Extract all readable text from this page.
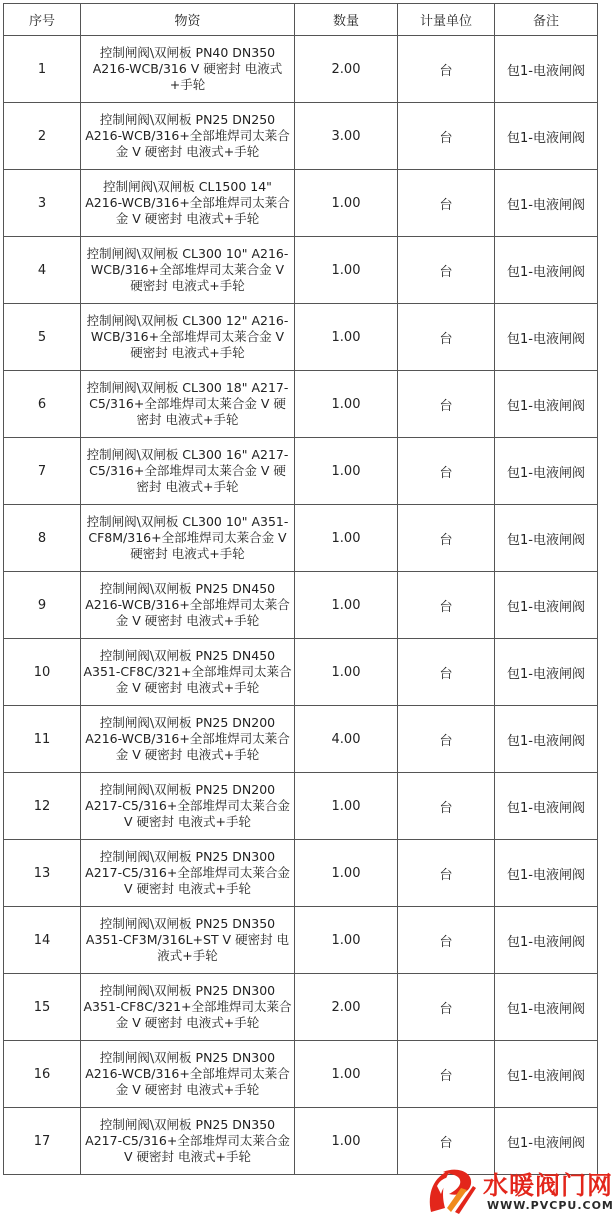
序号	物资	数量	计量单位	备注
1	控制闸阀\双闸板 PN40 DN350 A216-WCB/316 V 硬密封 电液式+手轮	2.00	台	包1-电液闸阀
2	控制闸阀\双闸板 PN25 DN250 A216-WCB/316+全部堆焊司太莱合金 V 硬密封 电液式+手轮	3.00	台	包1-电液闸阀
3	控制闸阀\双闸板 CL1500 14" A216-WCB/316+全部堆焊司太莱合金 V 硬密封 电液式+手轮	1.00	台	包1-电液闸阀
4	控制闸阀\双闸板 CL300 10" A216-WCB/316+全部堆焊司太莱合金 V 硬密封 电液式+手轮	1.00	台	包1-电液闸阀
5	控制闸阀\双闸板 CL300 12" A216-WCB/316+全部堆焊司太莱合金 V 硬密封 电液式+手轮	1.00	台	包1-电液闸阀
6	控制闸阀\双闸板 CL300 18" A217-C5/316+全部堆焊司太莱合金 V 硬密封 电液式+手轮	1.00	台	包1-电液闸阀
7	控制闸阀\双闸板 CL300 16" A217-C5/316+全部堆焊司太莱合金 V 硬密封 电液式+手轮	1.00	台	包1-电液闸阀
8	控制闸阀\双闸板 CL300 10" A351-CF8M/316+全部堆焊司太莱合金 V 硬密封 电液式+手轮	1.00	台	包1-电液闸阀
9	控制闸阀\双闸板 PN25 DN450 A216-WCB/316+全部堆焊司太莱合金 V 硬密封 电液式+手轮	1.00	台	包1-电液闸阀
10	控制闸阀\双闸板 PN25 DN450 A351-CF8C/321+全部堆焊司太莱合金 V 硬密封 电液式+手轮	1.00	台	包1-电液闸阀
11	控制闸阀\双闸板 PN25 DN200 A216-WCB/316+全部堆焊司太莱合金 V 硬密封 电液式+手轮	4.00	台	包1-电液闸阀
12	控制闸阀\双闸板 PN25 DN200 A217-C5/316+全部堆焊司太莱合金 V 硬密封 电液式+手轮	1.00	台	包1-电液闸阀
13	控制闸阀\双闸板 PN25 DN300 A217-C5/316+全部堆焊司太莱合金 V 硬密封 电液式+手轮	1.00	台	包1-电液闸阀
14	控制闸阀\双闸板 PN25 DN350 A351-CF3M/316L+ST V 硬密封 电液式+手轮	1.00	台	包1-电液闸阀
15	控制闸阀\双闸板 PN25 DN300 A351-CF8C/321+全部堆焊司太莱合金 V 硬密封 电液式+手轮	2.00	台	包1-电液闸阀
16	控制闸阀\双闸板 PN25 DN300 A216-WCB/316+全部堆焊司太莱合金 V 硬密封 电液式+手轮	1.00	台	包1-电液闸阀
17	控制闸阀\双闸板 PN25 DN350 A217-C5/316+全部堆焊司太莱合金 V 硬密封 电液式+手轮	1.00	台	包1-电液闸阀
水暖阀门网
WWW.PVCPU.COM
